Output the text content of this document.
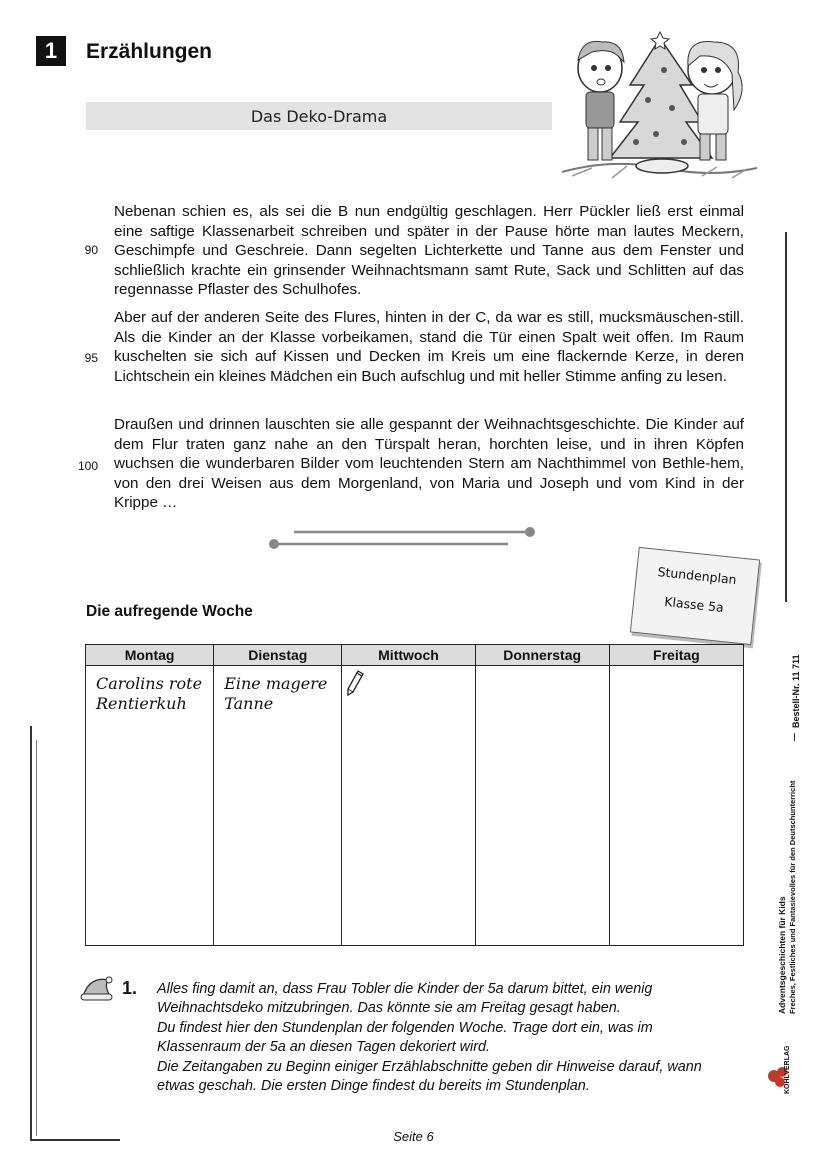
1	Erzählungen
Das Deko-Drama
90
95
100

Nebenan schien es, als sei die B nun endgültig geschlagen. Herr Pückler ließ erst einmal eine saftige Klassenarbeit schreiben und später in der Pause hörte man lautes Meckern, Geschimpfe und Geschreie. Dann segelten Lichterkette und Tanne aus dem Fenster und schließlich krachte ein grinsender Weihnachtsmann samt Rute, Sack und Schlitten auf das regennasse Pflaster des Schulhofes.

Aber auf der anderen Seite des Flures, hinten in der C, da war es still, mucksmäuschen-still. Als die Kinder an der Klasse vorbeikamen, stand die Tür einen Spalt weit offen. Im Raum kuschelten sie sich auf Kissen und Decken im Kreis um eine flackernde Kerze, in deren Lichtschein ein kleines Mädchen ein Buch aufschlug und mit heller Stimme anfing zu lesen.

Draußen und drinnen lauschten sie alle gespannt der Weihnachtsgeschichte. Die Kinder auf dem Flur traten ganz nahe an den Türspalt heran, horchten leise, und in ihren Köpfen wuchsen die wunderbaren Bilder vom leuchtenden Stern am Nachthimmel von Bethle-hem, von den drei Weisen aus dem Morgenland, von Maria und Joseph und vom Kind in der Krippe …

Stundenplan
Klasse 5a
Die aufregende Woche
Montag	Dienstag	Mittwoch	Donnerstag	Freitag
Carolins rote Rentierkuh	Eine magere Tanne			
1. Alles fing damit an, dass Frau Tobler die Kinder der 5a darum bittet, ein wenig Weihnachtsdeko mitzubringen. Das könnte sie am Freitag gesagt haben.

Du findest hier den Stundenplan der folgenden Woche. Trage dort ein, was im Klassenraum der 5a an diesen Tagen dekoriert wird.

Die Zeitangaben zu Beginn einiger Erzählabschnitte geben dir Hinweise darauf, wann etwas geschah. Die ersten Dinge findest du bereits im Stundenplan.

Adventsgeschichten für Kids Freches, Festliches und Fantasievolles für den Deutschunterricht
Bestell-Nr. 11 711
KOHLVERLAG
Seite 6
